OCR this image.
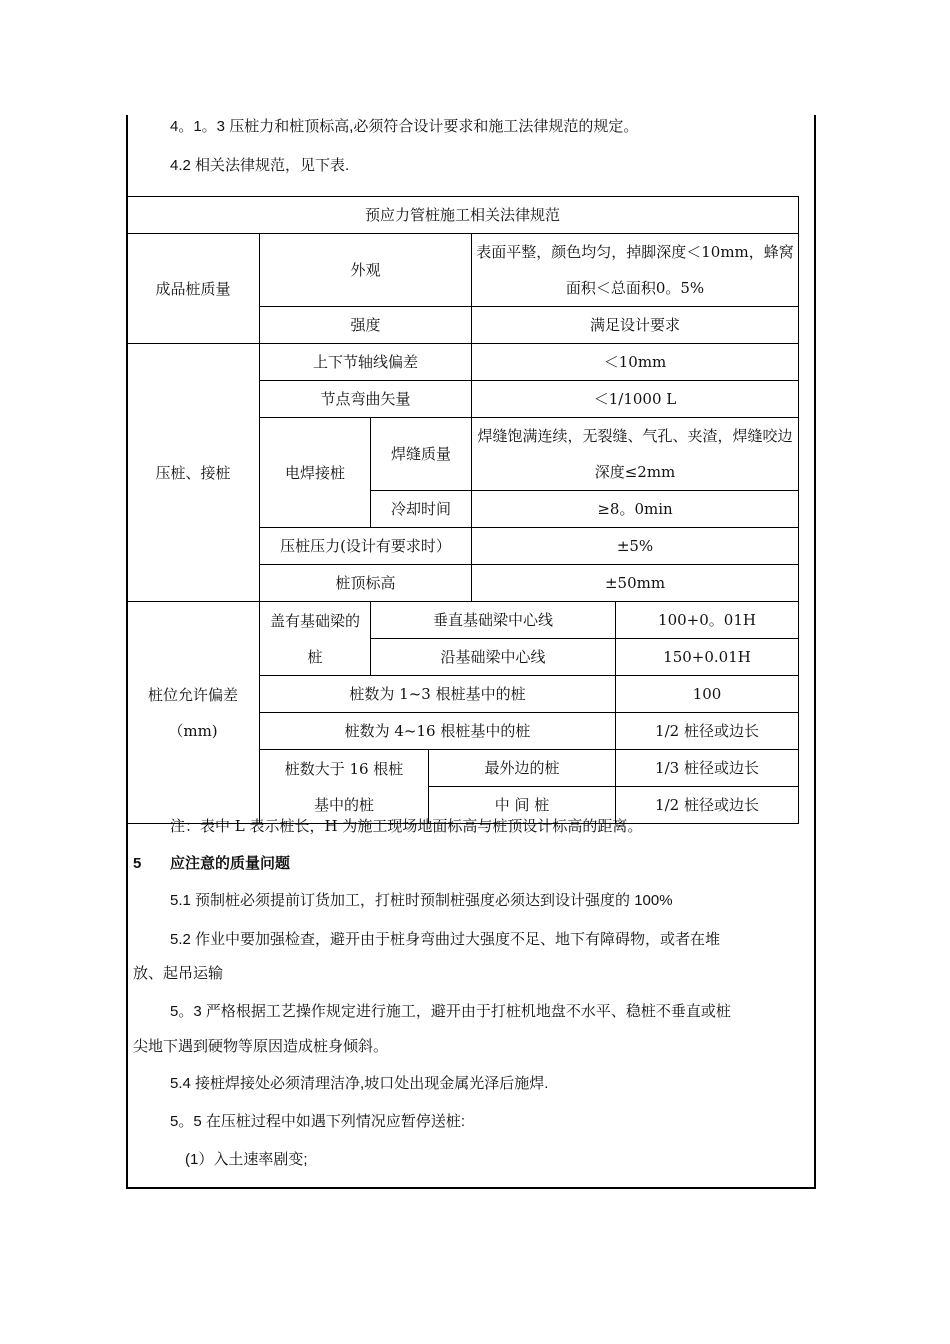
4。1。3 压桩力和桩顶标高,必须符合设计要求和施工法律规范的规定。
4.2 相关法律规范，见下表.
预应力管桩施工相关法律规范					
成品桩质量	外观			表面平整，颜色均匀，掉脚深度＜10mm，蜂窝面积＜总面积0。5%	
	强度			满足设计要求	
压桩、接桩	上下节轴线偏差			＜10mm	
	节点弯曲矢量			＜1/1000 L	
	电焊接桩	焊缝质量		焊缝饱满连续，无裂缝、气孔、夹渣，焊缝咬边深度≤2mm	
		冷却时间		≥8。0min	
	压桩压力(设计有要求时）			±5%	
	桩顶标高			±50mm	
桩位允许偏差（mm)	盖有基础梁的桩	垂直基础梁中心线			100+0。01H
		沿基础梁中心线			150+0.01H
	桩数为 1~3 根桩基中的桩				100
	桩数为 4~16 根桩基中的桩				1/2 桩径或边长
	桩数大于 16 根桩基中的桩		最外边的桩		1/3 桩径或边长
			中 间 桩		1/2 桩径或边长
注：表中 L 表示桩长，H 为施工现场地面标高与桩顶设计标高的距离。
5 应注意的质量问题
5.1 预制桩必须提前订货加工，打桩时预制桩强度必须达到设计强度的 100%
5.2 作业中要加强检查，避开由于桩身弯曲过大强度不足、地下有障碍物，或者在堆
放、起吊运输
5。3 严格根据工艺操作规定进行施工，避开由于打桩机地盘不水平、稳桩不垂直或桩
尖地下遇到硬物等原因造成桩身倾斜。
5.4 接桩焊接处必须清理洁净,坡口处出现金属光泽后施焊.
5。5 在压桩过程中如遇下列情况应暂停送桩:
(1）入土速率剧变;
